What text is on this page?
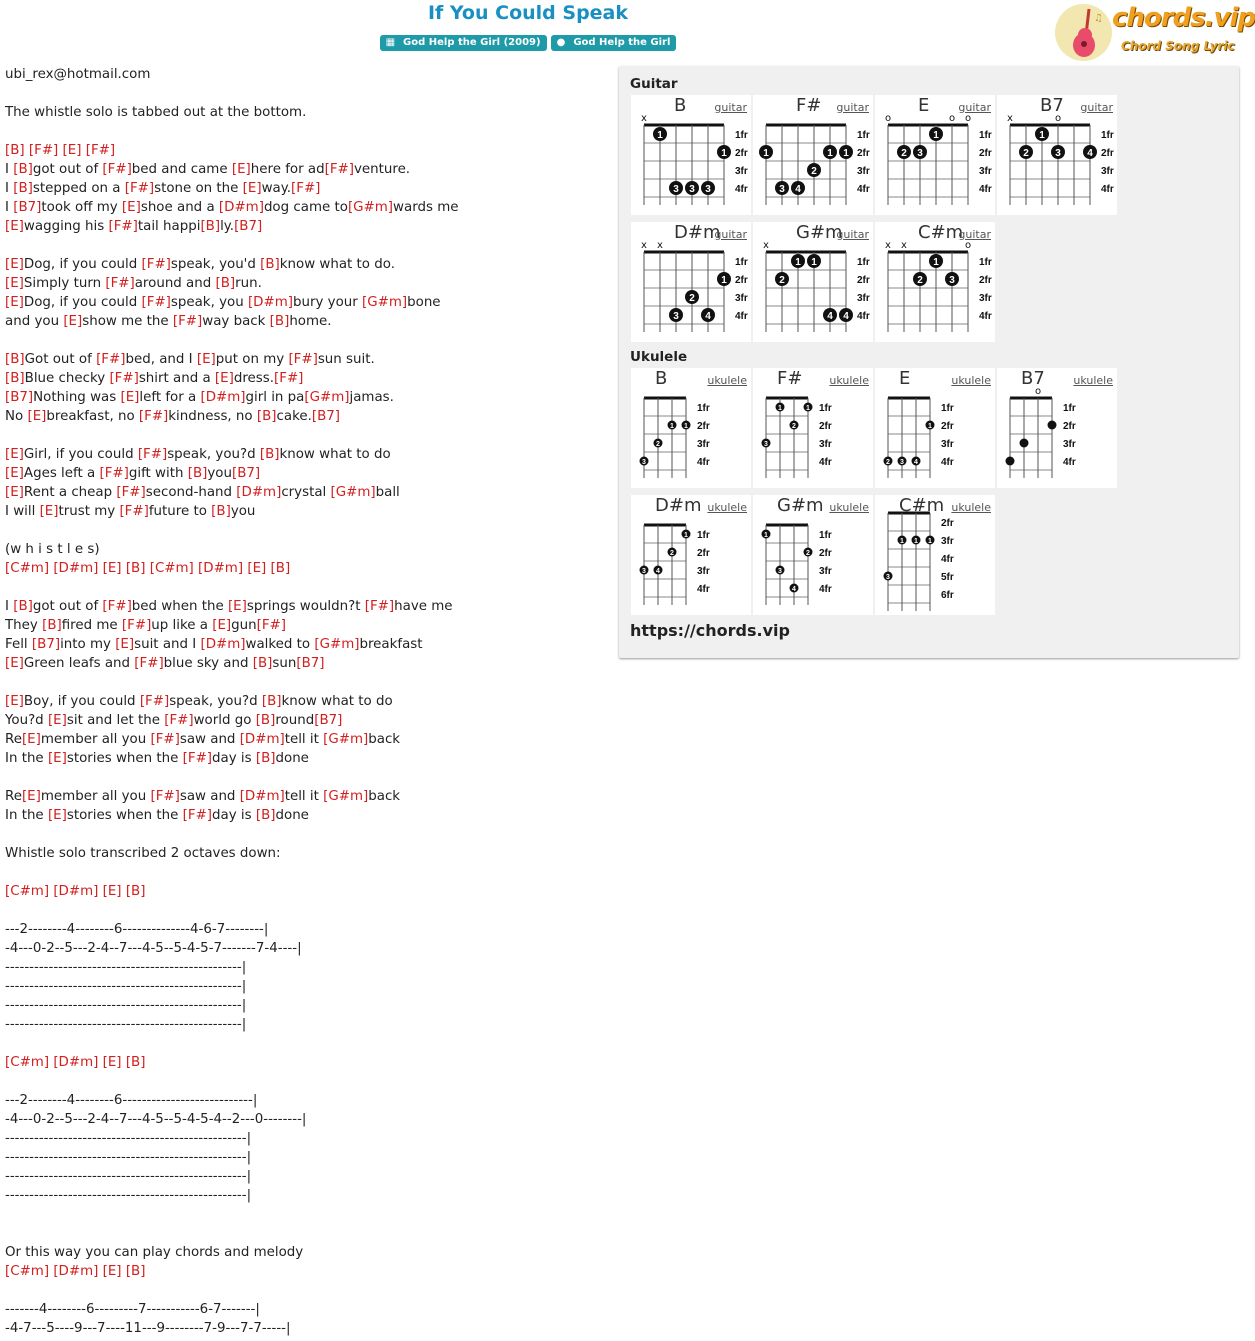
If You Could Speak
▦ God Help the Girl (2009) ● God Help the Girl
♫ chords.vip
Chord Song Lyric
ubi_rex@hotmail.com
The whistle solo is tabbed out at the bottom.
[B] [F#] [E] [F#]
I [B]got out of [F#]bed and came [E]here for ad[F#]venture.
I [B]stepped on a [F#]stone on the [E]way.[F#]
I [B7]took off my [E]shoe and a [D#m]dog came to[G#m]wards me
[E]wagging his [F#]tail happi[B]ly.[B7]
[E]Dog, if you could [F#]speak, you'd [B]know what to do.
[E]Simply turn [F#]around and [B]run.
[E]Dog, if you could [F#]speak, you [D#m]bury your [G#m]bone
and you [E]show me the [F#]way back [B]home.
[B]Got out of [F#]bed, and I [E]put on my [F#]sun suit.
[B]Blue checky [F#]shirt and a [E]dress.[F#]
[B7]Nothing was [E]left for a [D#m]girl in pa[G#m]jamas.
No [E]breakfast, no [F#]kindness, no [B]cake.[B7]
[E]Girl, if you could [F#]speak, you?d [B]know what to do
[E]Ages left a [F#]gift with [B]you[B7]
[E]Rent a cheap [F#]second-hand [D#m]crystal [G#m]ball
I will [E]trust my [F#]future to [B]you
(w h i s t l e s)
[C#m] [D#m] [E] [B] [C#m] [D#m] [E] [B]
I [B]got out of [F#]bed when the [E]springs wouldn?t [F#]have me
They [B]fired me [F#]up like a [E]gun[F#]
Fell [B7]into my [E]suit and I [D#m]walked to [G#m]breakfast
[E]Green leafs and [F#]blue sky and [B]sun[B7]
[E]Boy, if you could [F#]speak, you?d [B]know what to do
You?d [E]sit and let the [F#]world go [B]round[B7]
Re[E]member all you [F#]saw and [D#m]tell it [G#m]back
In the [E]stories when the [F#]day is [B]done
Re[E]member all you [F#]saw and [D#m]tell it [G#m]back
In the [E]stories when the [F#]day is [B]done
Whistle solo transcribed 2 octaves down:
[C#m] [D#m] [E] [B]
---2--------4--------6--------------4-6-7--------|
-4---0-2--5---2-4--7---4-5--5-4-5-7-------7-4----|
-------------------------------------------------|
-------------------------------------------------|
-------------------------------------------------|
-------------------------------------------------|
[C#m] [D#m] [E] [B]
---2--------4--------6---------------------------|
-4---0-2--5---2-4--7---4-5--5-4-5-4--2---0--------|
--------------------------------------------------|
--------------------------------------------------|
--------------------------------------------------|
--------------------------------------------------|
Or this way you can play chords and melody
[C#m] [D#m] [E] [B]
-------4--------6---------7-----------6-7-------|
-4-7---5----9---7----11---9--------7-9---7-7-----|
Guitar
Ukulele
https://chords.vip
B	guitar
1fr
2fr
3fr
4fr
x
1
3 3 3
1
F# guitar
1fr
2fr
3fr
4fr
1
3 4
2
1 1
E	guitar
1fr
2fr
3fr
4fr
o	o o
2 3
1
B7 guitar
1fr
2fr
3fr
4fr
x	o
2
1
3	4
D#m
guitar
1fr
2fr
3fr
4fr
x x
3
2
4
1
G#m
guitar
1fr
2fr
3fr
4fr
x
2
1 1
4 4
C#m
guitar
1fr
2fr
3fr
4fr
x x	o
2
1
3
B	ukulele
1fr
2fr
3fr
4fr
3
2
1 1
F# ukulele
1fr
2fr
3fr
4fr
3
1
2
1
E	ukulele
1fr
2fr
3fr
4fr
2 3 4
1
B7	ukulele
1fr
2fr
3fr
4fr
o
D#m ukulele
1fr
2fr
3fr
4fr
3 4
2
1
G#m ukulele
1fr
2fr
3fr
4fr
1
3
4
2
C#m ukulele
2fr
3fr
4fr
5fr
6fr
3
1 1 1
